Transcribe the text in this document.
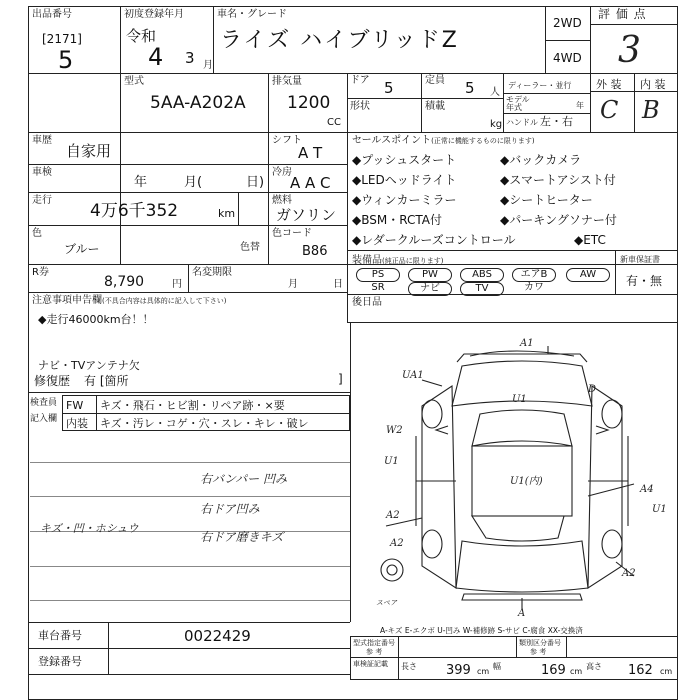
出品番号
[2171]
5
初度登録年月
令和
4 3 月
車名・グレード
ライズ ハイブリッドZ
2WD
4WD
評 価 点
3
型式
5AA-A202A
排気量
1200
CC
ドア 5
形状
定員 5 人
積載
kg
ディーラー・並行
モデル年式	年
ハンドル 左・右
外 装 内 装
C B
車歴
自家用
シフト
A T
車検
年	月(	日)
冷房
A A C
走行
4万6千352	km
燃料
ガソリン
色
ブルー	色替
色コード
B86
R券
8,790	円
名変期限
月	日
セールスポイント(正常に機能するものに限ります)
◆プッシュスタート	◆バックカメラ
◆LEDヘッドライト	◆スマートアシスト付
◆ウィンカーミラー	◆シートヒーター
◆BSM・RCTA付	◆パーキングソナー付
◆レダークルーズコントロール	◆ETC
装備品(純正品に限ります)
PS	PW	ABS	エアB	AW
SR	ナビ	TV	カワ
新車保証書
有・無
後日品
注意事項申告欄(不具合内容は具体的に記入して下さい)
◆走行46000km台！！
ナビ・TVアンテナ欠
修復歴 有 [箇所	]
検査員
記入欄
FW キズ・飛石・ヒビ割・リペア跡・×要
内装 キズ・汚レ・コゲ・穴・スレ・キレ・破レ
右バンパー 凹み
右ドア凹み
右ドア磨きキズ
キズ・凹・ホシュウ
A1
UA1
U1
D
W2
A2
U1
U1(内)
A4
U1
A2
A2
A
スペア
A-キズ E-エクボ U-凹み W-補修跡 S-サビ C-腐食 XX-交換済
車台番号	0022429
登録番号
型式指定番号
参 考
類別区分番号
参 考
車検証記載 長さ 399 cm
幅	169 cm
高さ 162 cm
